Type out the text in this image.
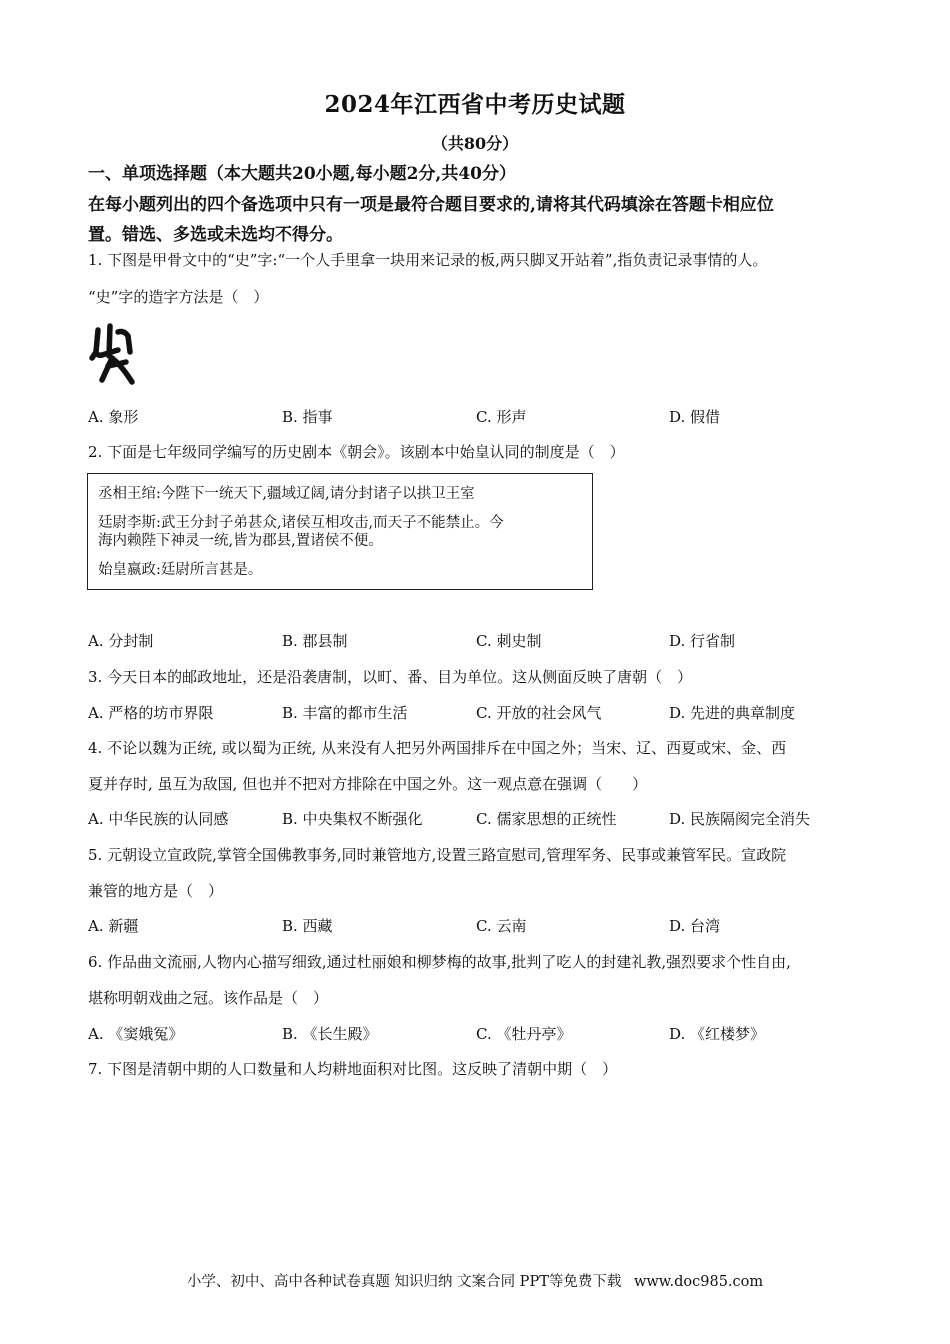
2024年江西省中考历史试题
（共80分）
一、单项选择题（本大题共20小题,每小题2分,共40分）
在每小题列出的四个备选项中只有一项是最符合题目要求的,请将其代码填涂在答题卡相应位
置。错选、多选或未选均不得分。
1. 下图是甲骨文中的“史”字:“一个人手里拿一块用来记录的板,两只脚叉开站着”,指负责记录事情的人。
“史”字的造字方法是（　）
A. 象形	B. 指事	C. 形声	D. 假借
2. 下面是七年级同学编写的历史剧本《朝会》。该剧本中始皇认同的制度是（　）
丞相王绾:今陛下一统天下,疆域辽阔,请分封诸子以拱卫王室
廷尉李斯:武王分封子弟甚众,诸侯互相攻击,而天子不能禁止。今
海内赖陛下神灵一统,皆为郡县,置诸侯不便。
始皇嬴政:廷尉所言甚是。
A. 分封制	B. 郡县制	C. 刺史制	D. 行省制
3. 今天日本的邮政地址，还是沿袭唐制，以町、番、目为单位。这从侧面反映了唐朝（　）
A. 严格的坊市界限	B. 丰富的都市生活	C. 开放的社会风气	D. 先进的典章制度
4. 不论以魏为正统, 或以蜀为正统, 从来没有人把另外两国排斥在中国之外；当宋、辽、西夏或宋、金、西
夏并存时, 虽互为敌国, 但也并不把对方排除在中国之外。这一观点意在强调（　　）
A. 中华民族的认同感	B. 中央集权不断强化	C. 儒家思想的正统性	D. 民族隔阂完全消失
5. 元朝设立宣政院,掌管全国佛教事务,同时兼管地方,设置三路宣慰司,管理军务、民事或兼管军民。宣政院
兼管的地方是（　）
A. 新疆	B. 西藏	C. 云南	D. 台湾
6. 作品曲文流丽,人物内心描写细致,通过杜丽娘和柳梦梅的故事,批判了吃人的封建礼教,强烈要求个性自由,
堪称明朝戏曲之冠。该作品是（　）
A. 《窦娥冤》	B. 《长生殿》	C. 《牡丹亭》	D. 《红楼梦》
7. 下图是清朝中期的人口数量和人均耕地面积对比图。这反映了清朝中期（　）
小学、初中、高中各种试卷真题 知识归纳 文案合同 PPT等免费下载 www.doc985.com
